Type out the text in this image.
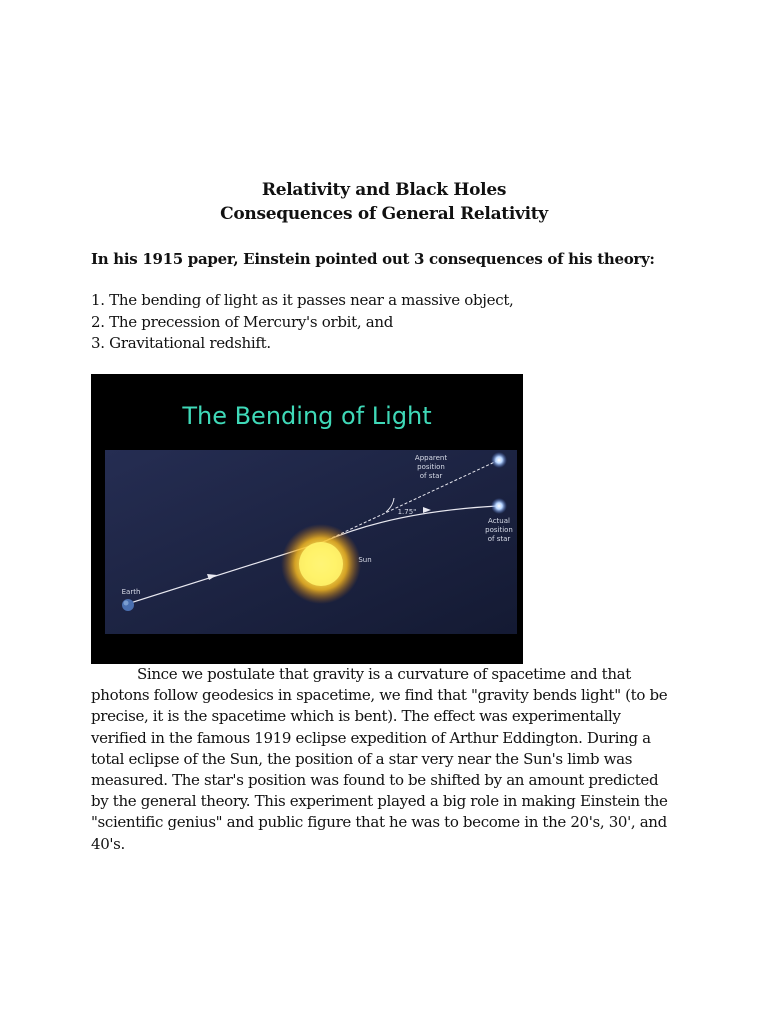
Relativity and Black Holes
Consequences of General Relativity
In his 1915 paper, Einstein pointed out 3 consequences of his theory:
1. The bending of light as it passes near a massive object,
2. The precession of Mercury's orbit, and
3. Gravitational redshift.
The Bending of Light
Apparent
position
of star
Actual
position
of star
1.75"
Sun
Earth

Since we postulate that gravity is a curvature of spacetime and that photons follow geodesics in spacetime, we find that "gravity bends light" (to be precise, it is the spacetime which is bent). The effect was experimentally verified in the famous 1919 eclipse expedition of Arthur Eddington. During a total eclipse of the Sun, the position of a star very near the Sun's limb was measured. The star's position was found to be shifted by an amount predicted by the general theory. This experiment played a big role in making Einstein the "scientific genius" and public figure that he was to become in the 20's, 30', and 40's.
